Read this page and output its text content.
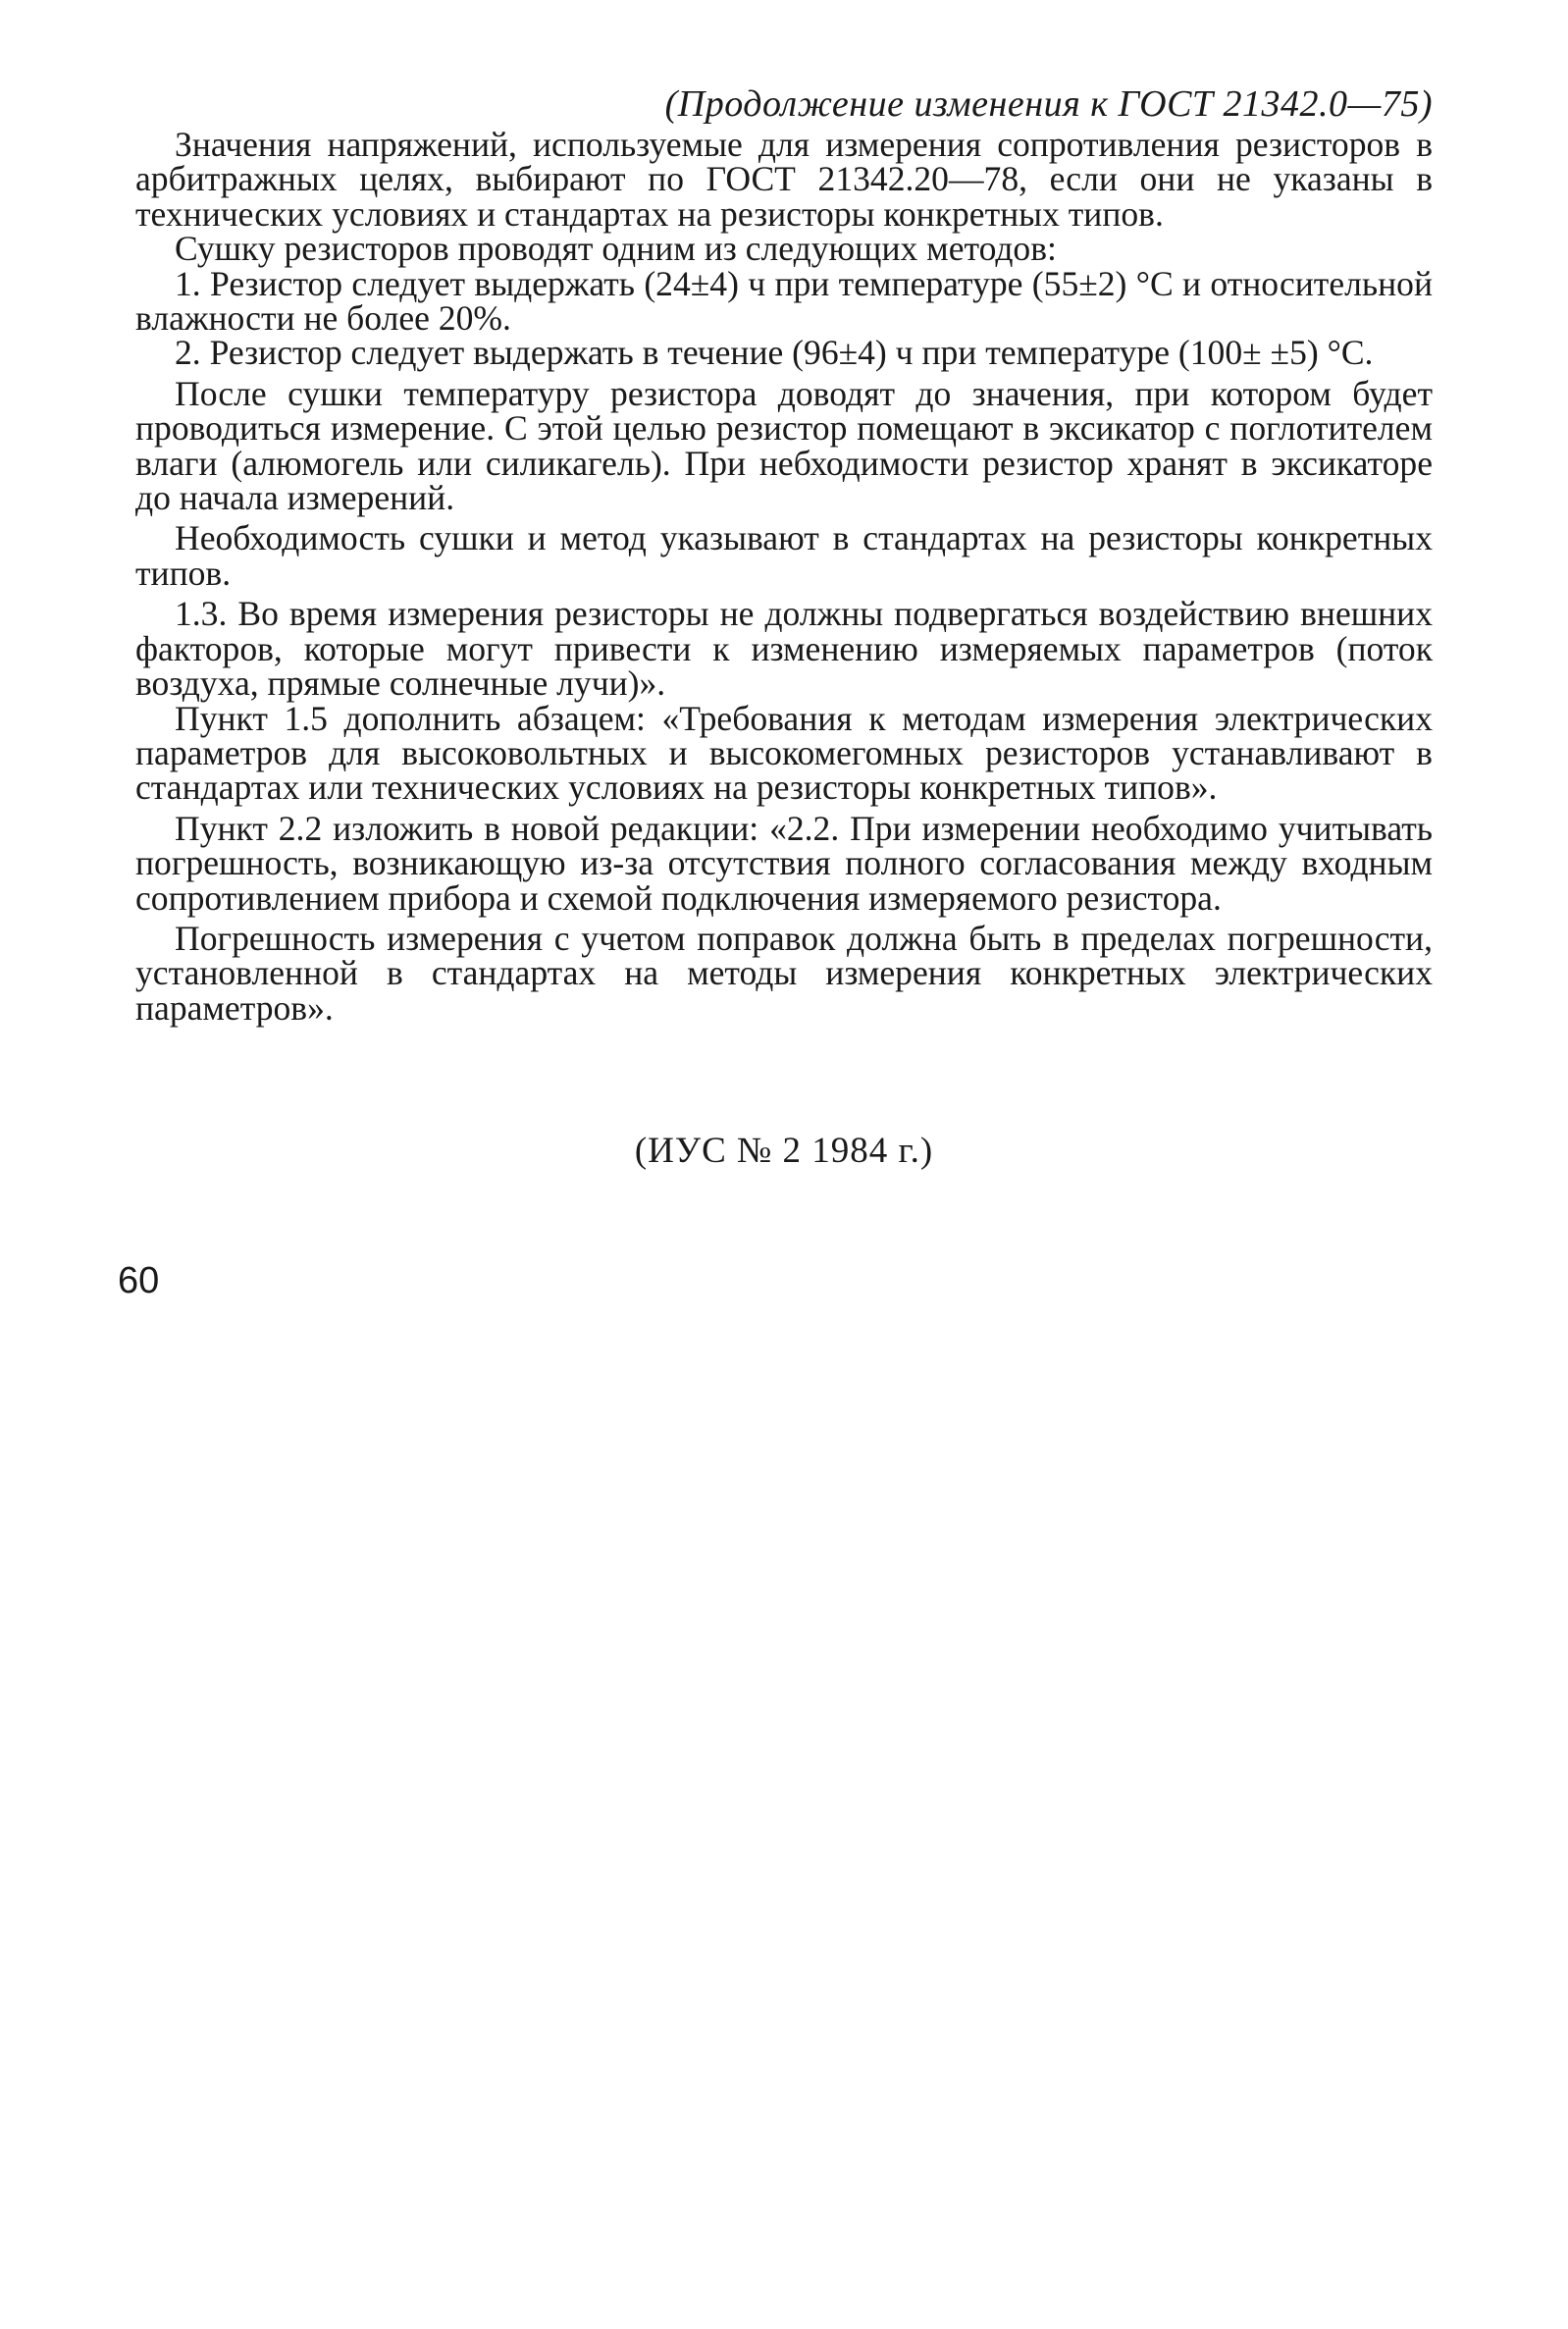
(Продолжение изменения к ГОСТ 21342.0—75)

Значения напряжений, используемые для измерения сопротивления резисторов в арбитражных целях, выбирают по ГОСТ 21342.20—78, если они не указаны в технических условиях и стандартах на резисторы конкретных типов.

Сушку резисторов проводят одним из следующих методов:

1. Резистор следует выдержать (24±4) ч при температуре (55±2) °С и относительной влажности не более 20%.

2. Резистор следует выдержать в течение (96±4) ч при температуре (100± ±5) °С.

После сушки температуру резистора доводят до значения, при котором будет проводиться измерение. С этой целью резистор помещают в эксикатор с поглотителем влаги (алюмогель или силикагель). При небходимости резистор хранят в эксикаторе до начала измерений.

Необходимость сушки и метод указывают в стандартах на резисторы конкретных типов.

1.3. Во время измерения резисторы не должны подвергаться воздействию внешних факторов, которые могут привести к изменению измеряемых параметров (поток воздуха, прямые солнечные лучи)».

Пункт 1.5 дополнить абзацем: «Требования к методам измерения электрических параметров для высоковольтных и высокомегомных резисторов устанавливают в стандартах или технических условиях на резисторы конкретных типов».

Пункт 2.2 изложить в новой редакции: «2.2. При измерении необходимо учитывать погрешность, возникающую из-за отсутствия полного согласования между входным сопротивлением прибора и схемой подключения измеряемого резистора.

Погрешность измерения с учетом поправок должна быть в пределах погрешности, установленной в стандартах на методы измерения конкретных электрических параметров».

(ИУС № 2 1984 г.)
60
